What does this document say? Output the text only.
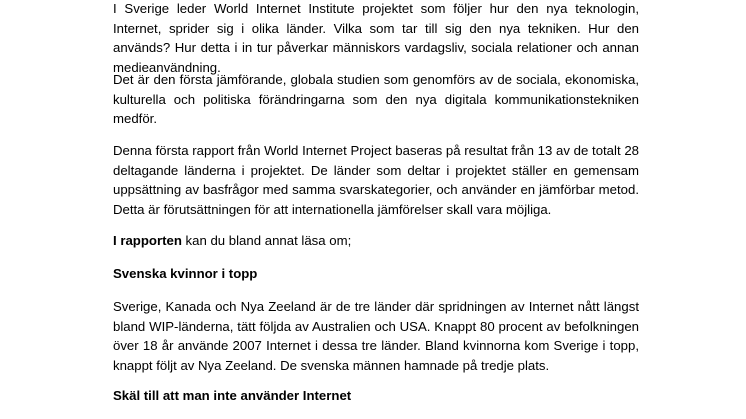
I Sverige leder World Internet Institute projektet som följer hur den nya teknologin, Internet, sprider sig i olika länder. Vilka som tar till sig den nya tekniken. Hur den används? Hur detta i in tur påverkar människors vardagsliv, sociala relationer och annan medieanvändning.

Det är den första jämförande, globala studien som genomförs av de sociala, ekonomiska, kulturella och politiska förändringarna som den nya digitala kommunikationstekniken medför.

Denna första rapport från World Internet Project baseras på resultat från 13 av de totalt 28 deltagande länderna i projektet. De länder som deltar i projektet ställer en gemensam uppsättning av basfrågor med samma svarskategorier, och använder en jämförbar metod. Detta är förutsättningen för att internationella jämförelser skall vara möjliga.

I rapporten kan du bland annat läsa om;

Svenska kvinnor i topp

Sverige, Kanada och Nya Zeeland är de tre länder där spridningen av Internet nått längst bland WIP-länderna, tätt följda av Australien och USA. Knappt 80 procent av befolkningen över 18 år använde 2007 Internet i dessa tre länder. Bland kvinnorna kom Sverige i topp, knappt följt av Nya Zeeland. De svenska männen hamnade på tredje plats.

Skäl till att man inte använder Internet
